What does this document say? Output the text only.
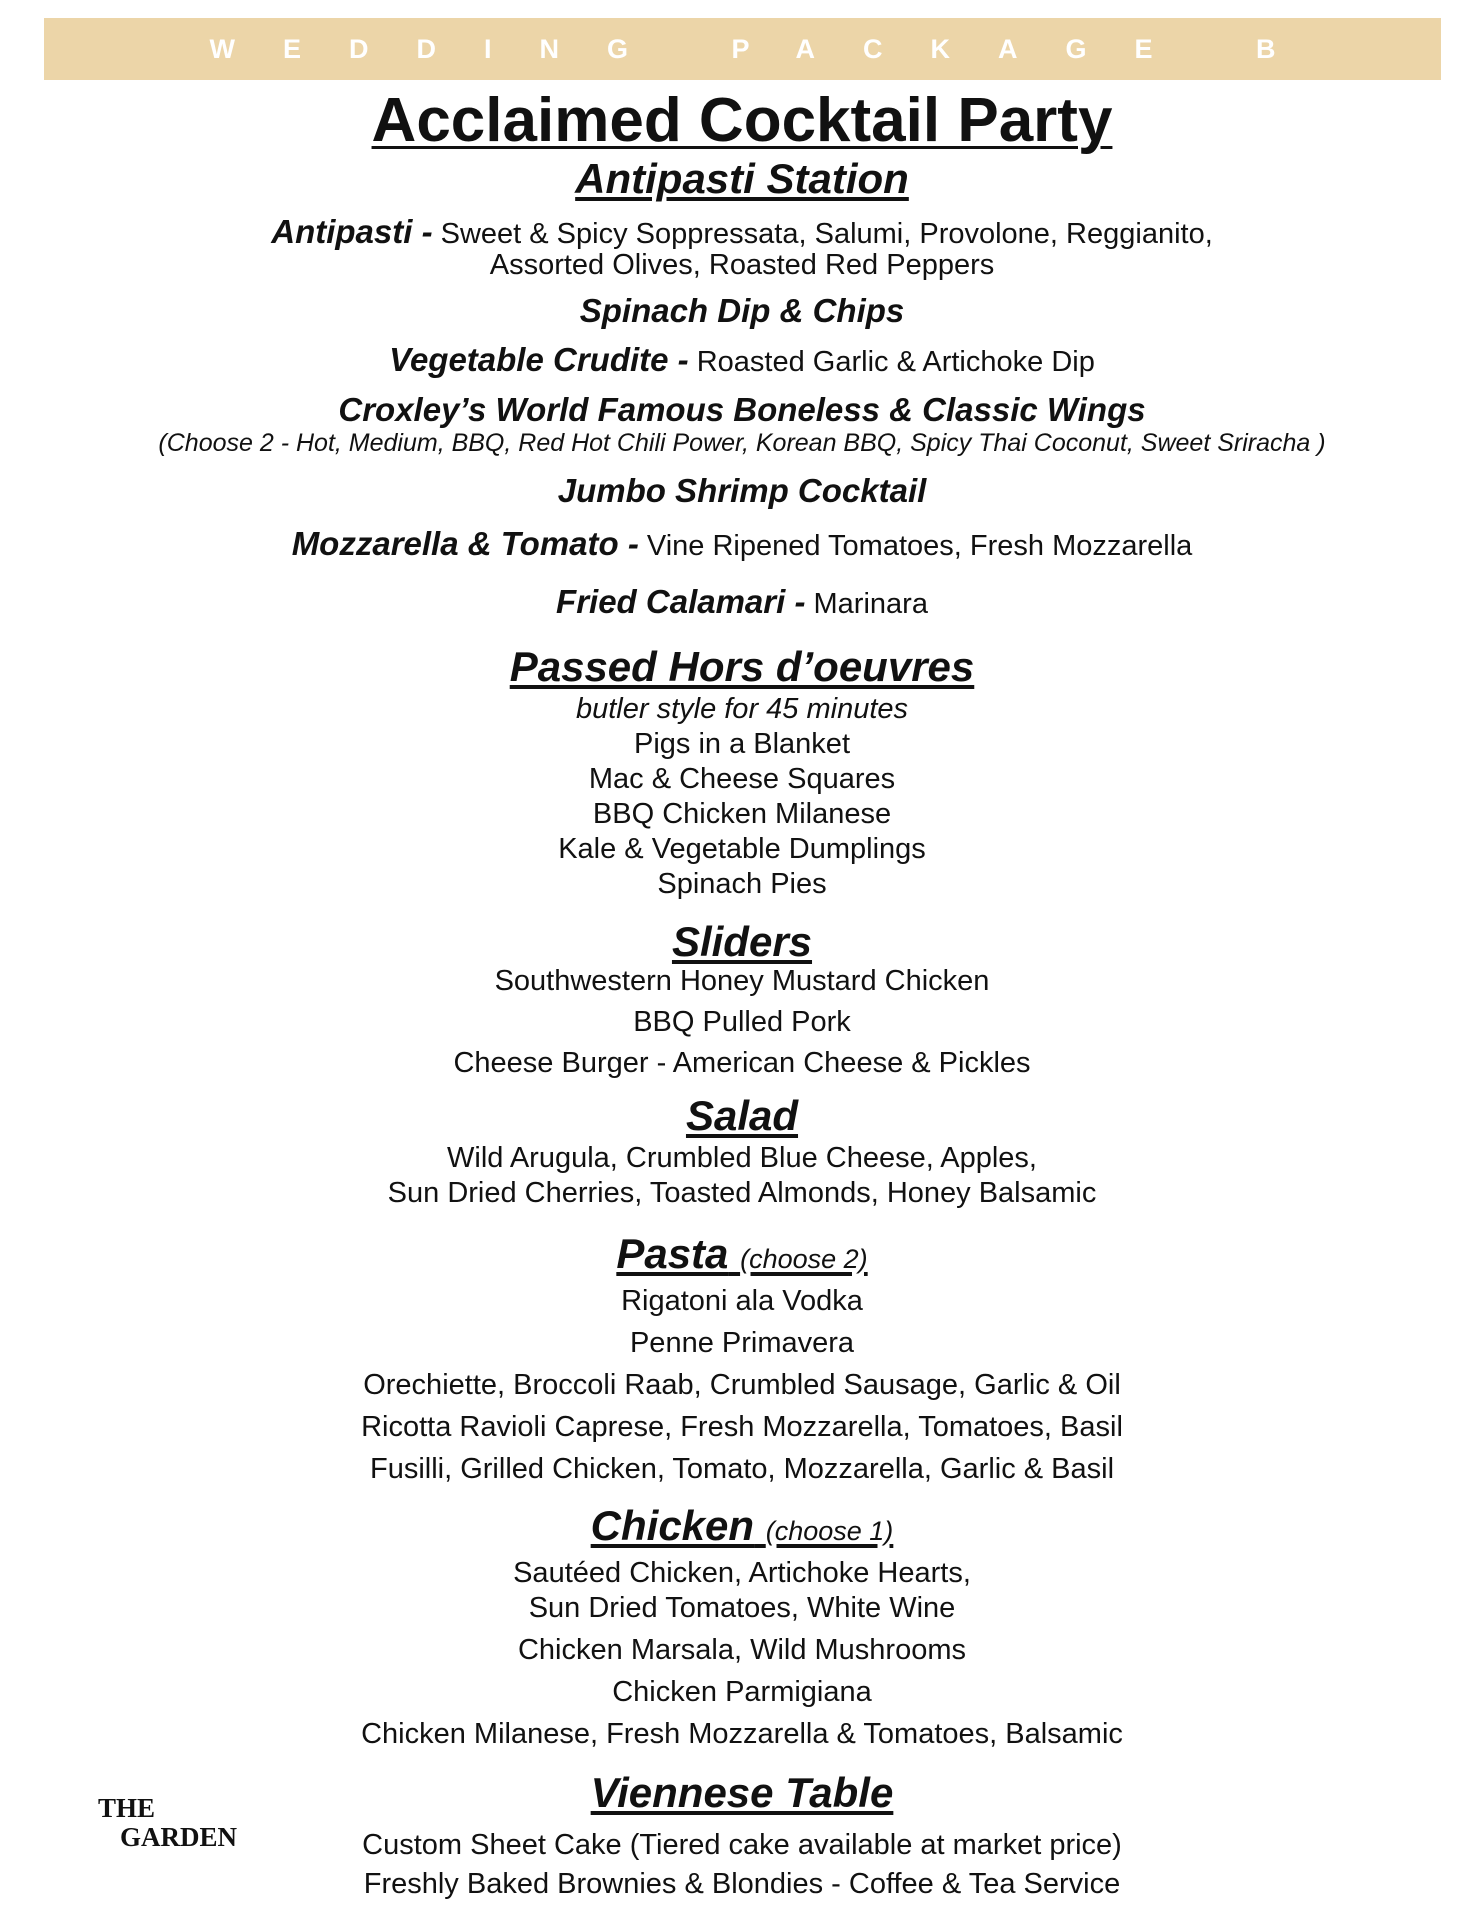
WEDDING PACKAGE B
Acclaimed Cocktail Party
Antipasti Station

Antipasti - Sweet & Spicy Soppressata, Salumi, Provolone, Reggianito,

Assorted Olives, Roasted Red Peppers

Spinach Dip & Chips

Vegetable Crudite - Roasted Garlic & Artichoke Dip

Croxley’s World Famous Boneless & Classic Wings

(Choose 2 - Hot, Medium, BBQ, Red Hot Chili Power, Korean BBQ, Spicy Thai Coconut, Sweet Sriracha )

Jumbo Shrimp Cocktail

Mozzarella & Tomato - Vine Ripened Tomatoes, Fresh Mozzarella

Fried Calamari - Marinara

Passed Hors d’oeuvres

butler style for 45 minutes

Pigs in a Blanket

Mac & Cheese Squares

BBQ Chicken Milanese

Kale & Vegetable Dumplings

Spinach Pies

Sliders

Southwestern Honey Mustard Chicken

BBQ Pulled Pork

Cheese Burger - American Cheese & Pickles

Salad

Wild Arugula, Crumbled Blue Cheese, Apples,

Sun Dried Cherries, Toasted Almonds, Honey Balsamic

Pasta (choose 2)

Rigatoni ala Vodka

Penne Primavera

Orechiette, Broccoli Raab, Crumbled Sausage, Garlic & Oil

Ricotta Ravioli Caprese, Fresh Mozzarella, Tomatoes, Basil

Fusilli, Grilled Chicken, Tomato, Mozzarella, Garlic & Basil

Chicken (choose 1)

Sautéed Chicken, Artichoke Hearts,

Sun Dried Tomatoes, White Wine

Chicken Marsala, Wild Mushrooms

Chicken Parmigiana

Chicken Milanese, Fresh Mozzarella & Tomatoes, Balsamic

Viennese Table

Custom Sheet Cake (Tiered cake available at market price)

Freshly Baked Brownies & Blondies - Coffee & Tea Service

THE
GARDEN
